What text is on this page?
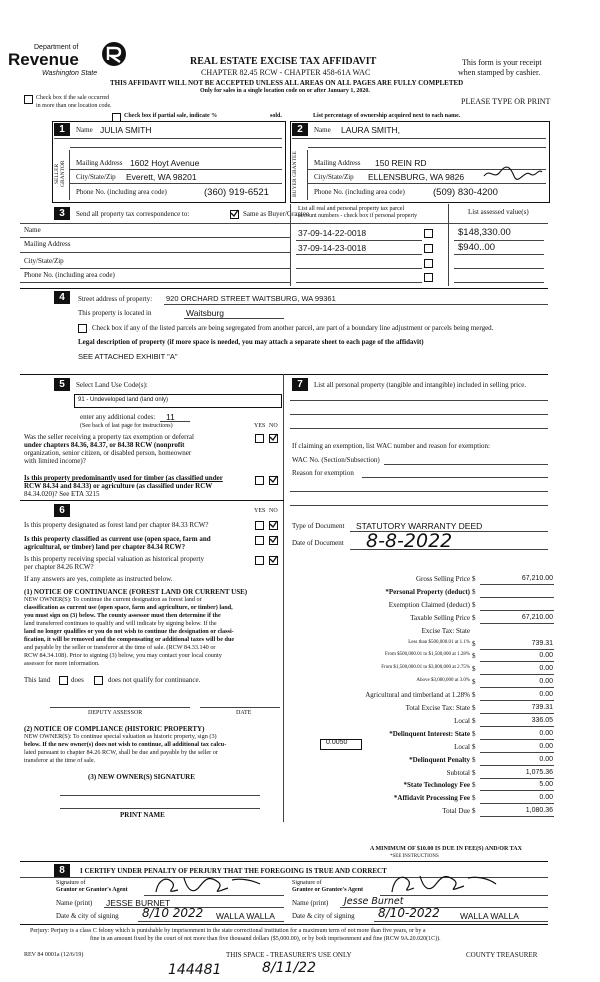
Department of
Revenue
Washington State
REAL ESTATE EXCISE TAX AFFIDAVIT
CHAPTER 82.45 RCW - CHAPTER 458-61A WAC
THIS AFFIDAVIT WILL NOT BE ACCEPTED UNLESS ALL AREAS ON ALL PAGES ARE FULLY COMPLETED
Only for sales in a single location code on or after January 1, 2020.
This form is your receipt
when stamped by cashier.
PLEASE TYPE OR PRINT
Check box if the sale occurred
in more than one location code.
Check box if partial sale, indicate %	sold.	List percentage of ownership acquired next to each name.
1	Name JULIA SMITH
SELLER GRANTOR Mailing Address 1602 Hoyt Avenue
City/State/Zip Everett, WA 98201
Phone No. (including area code)	(360) 919-6521
2	Name LAURA SMITH,
BUYER GRANTEE	Mailing Address 150 REIN RD
City/State/Zip ELLENSBURG, WA 9826
Phone No. (including area code)	(509) 830-4200
3	Send all property tax correspondence to:	Same as Buyer/Grantee
List all real and personal property tax parcel
account numbers - check box if personal property	List assessed value(s)
Name
Mailing Address
City/State/Zip
Phone No. (including area code)
37-09-14-22-0018	$148,330.00
37-09-14-23-0018	$940..00
4	Street address of property: 920 ORCHARD STREET WAITSBURG, WA 99361
This property is located in	Waitsburg
Check box if any of the listed parcels are being segregated from another parcel, are part of a boundary line adjustment or parcels being merged.
Legal description of property (if more space is needed, you may attach a separate sheet to each page of the affidavit)
SEE ATTACHED EXHIBIT "A"
5	Select Land Use Code(s):
91 - Undeveloped land (land only)
enter any additional codes: 11
(See back of last page for instructions)	YES NO
Was the seller receiving a property tax exemption or deferral
under chapters 84.36, 84.37, or 84.38 RCW (nonprofit
organization, senior citizen, or disabled person, homeowner
with limited income)?
Is this property predominantly used for timber (as classified under
RCW 84.34 and 84.33) or agriculture (as classified under RCW
84.34.020)? See ETA 3215
6	YES NO
Is this property designated as forest land per chapter 84.33 RCW?
Is this property classified as current use (open space, farm and
agricultural, or timber) land per chapter 84.34 RCW?
Is this property receiving special valuation as historical property
per chapter 84.26 RCW?
If any answers are yes, complete as instructed below.
(1) NOTICE OF CONTINUANCE (FOREST LAND OR CURRENT USE)
NEW OWNER(S): To continue the current designation as forest land or
classification as current use (open space, farm and agriculture, or timber) land,
you must sign on (3) below. The county assessor must then determine if the
land transferred continues to qualify and will indicate by signing below. If the
land no longer qualifies or you do not wish to continue the designation or classi-
fication, it will be removed and the compensating or additional taxes will be due
and payable by the seller or transferor at the time of sale. (RCW 84.33.140 or
RCW 84.34.108). Prior to signing (3) below, you may contact your local county
assessor for more information.
This land	does	does not qualify for continuance.
DEPUTY ASSESSOR	DATE
(2) NOTICE OF COMPLIANCE (HISTORIC PROPERTY)
NEW OWNER(S): To continue special valuation as historic property, sign (3)
below. If the new owner(s) does not wish to continue, all additional tax calcu-
lated pursuant to chapter 84.26 RCW, shall be due and payable by the seller or
transferor at the time of sale.
(3) NEW OWNER(S) SIGNATURE
PRINT NAME
7	List all personal property (tangible and intangible) included in selling price.
If claiming an exemption, list WAC number and reason for exemption:
WAC No. (Section/Subsection)
Reason for exemption
Type of Document STATUTORY WARRANTY DEED
Date of Document 8-8-2022
Gross Selling Price $	67,210.00
*Personal Property (deduct) $
Exemption Claimed (deduct) $
Taxable Selling Price $	67,210.00
Excise Tax: State
Less than $500,000.01 at 1.1% $	739.31
From $500,000.01 to $1,500,000 at 1.28% $	0.00
From $1,500,000.01 to $3,000,000 at 2.75% $	0.00
Above $3,000,000 at 3.0% $	0.00
Agricultural and timberland at 1.28% $	0.00
Total Excise Tax: State $	739.31
Local $	336.05
*Delinquent Interest: State $	0.00
Local $	0.00
*Delinquent Penalty $	0.00
Subtotal $	1,075.36
*State Technology Fee $	5.00
*Affidavit Processing Fee $	0.00
Total Due $	1,080.36
0.0050
A MINIMUM OF $10.00 IS DUE IN FEE(S) AND/OR TAX
*SEE INSTRUCTIONS
8	I CERTIFY UNDER PENALTY OF PERJURY THAT THE FOREGOING IS TRUE AND CORRECT
Signature of
Grantor or Grantor's Agent
Name (print) JESSE BURNET
Date & city of signing 8/10 2022 WALLA WALLA
Signature of
Grantee or Grantee's Agent
Name (print) Jesse Burnet
Date & city of signing 8/10-2022 WALLA WALLA
Perjury: Perjury is a class C felony which is punishable by imprisonment in the state correctional institution for a maximum term of not more than five years, or by a
fine in an amount fixed by the court of not more than five thousand dollars ($5,000.00), or by both imprisonment and fine (RCW 9A.20.020(1C)).
REV 84 0001a (12/6/19)	THIS SPACE - TREASURER'S USE ONLY	COUNTY TREASURER
144481	8/11/22
